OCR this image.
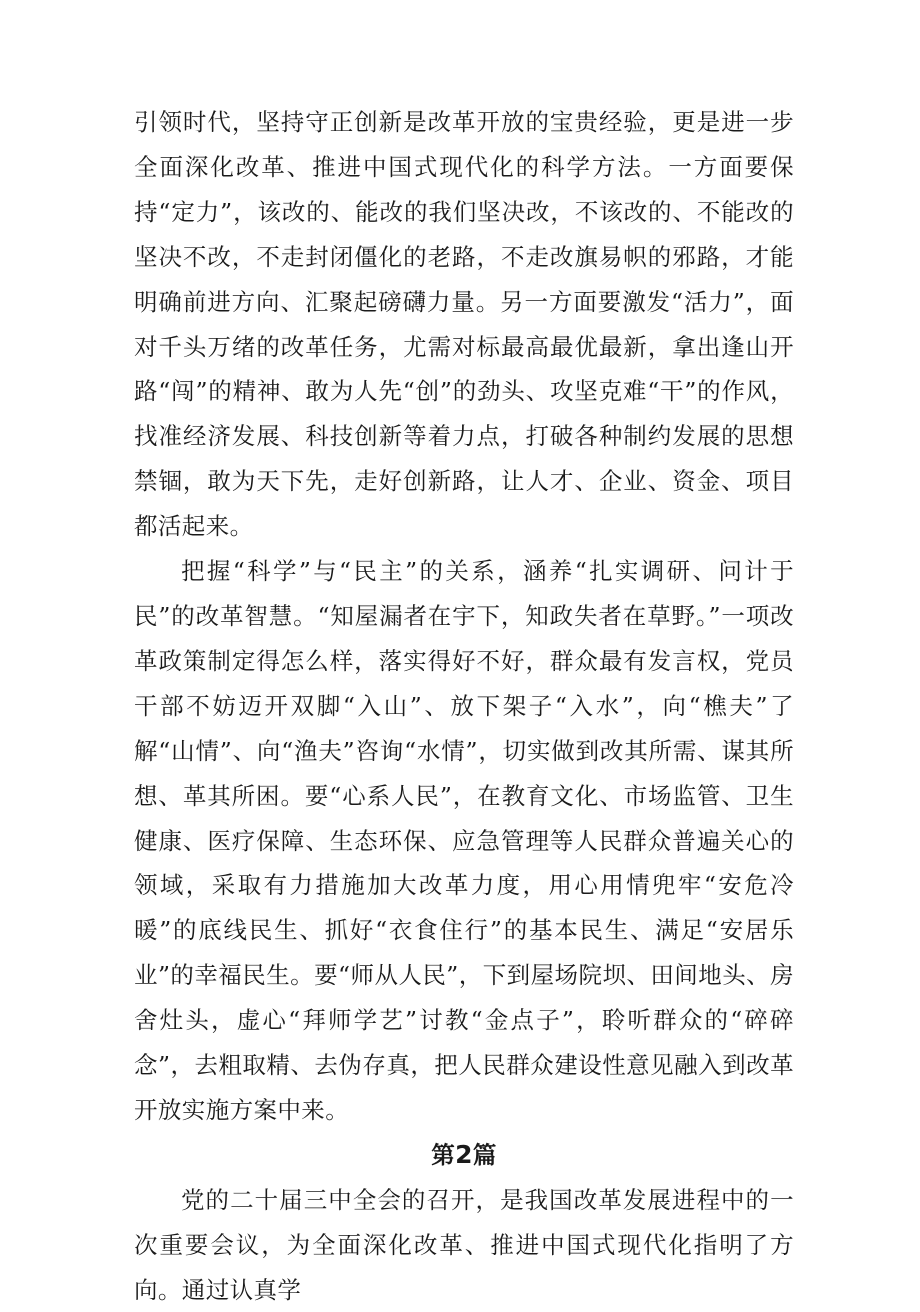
引领时代，坚持守正创新是改革开放的宝贵经验，更是进一步全面深化改革、推进中国式现代化的科学方法。一方面要保持“定力”，该改的、能改的我们坚决改，不该改的、不能改的坚决不改，不走封闭僵化的老路，不走改旗易帜的邪路，才能明确前进方向、汇聚起磅礴力量。另一方面要激发“活力”，面对千头万绪的改革任务，尤需对标最高最优最新，拿出逢山开路“闯”的精神、敢为人先“创”的劲头、攻坚克难“干”的作风，找准经济发展、科技创新等着力点，打破各种制约发展的思想禁锢，敢为天下先，走好创新路，让人才、企业、资金、项目都活起来。

把握“科学”与“民主”的关系，涵养“扎实调研、问计于民”的改革智慧。“知屋漏者在宇下，知政失者在草野。”一项改革政策制定得怎么样，落实得好不好，群众最有发言权，党员干部不妨迈开双脚“入山”、放下架子“入水”，向“樵夫”了解“山情”、向“渔夫”咨询“水情”，切实做到改其所需、谋其所想、革其所困。要“心系人民”，在教育文化、市场监管、卫生健康、医疗保障、生态环保、应急管理等人民群众普遍关心的领域，采取有力措施加大改革力度，用心用情兜牢“安危冷暖”的底线民生、抓好“衣食住行”的基本民生、满足“安居乐业”的幸福民生。要“师从人民”，下到屋场院坝、田间地头、房舍灶头，虚心“拜师学艺”讨教“金点子”，聆听群众的“碎碎念”，去粗取精、去伪存真，把人民群众建设性意见融入到改革开放实施方案中来。

第2篇

党的二十届三中全会的召开，是我国改革发展进程中的一次重要会议，为全面深化改革、推进中国式现代化指明了方向。通过认真学
